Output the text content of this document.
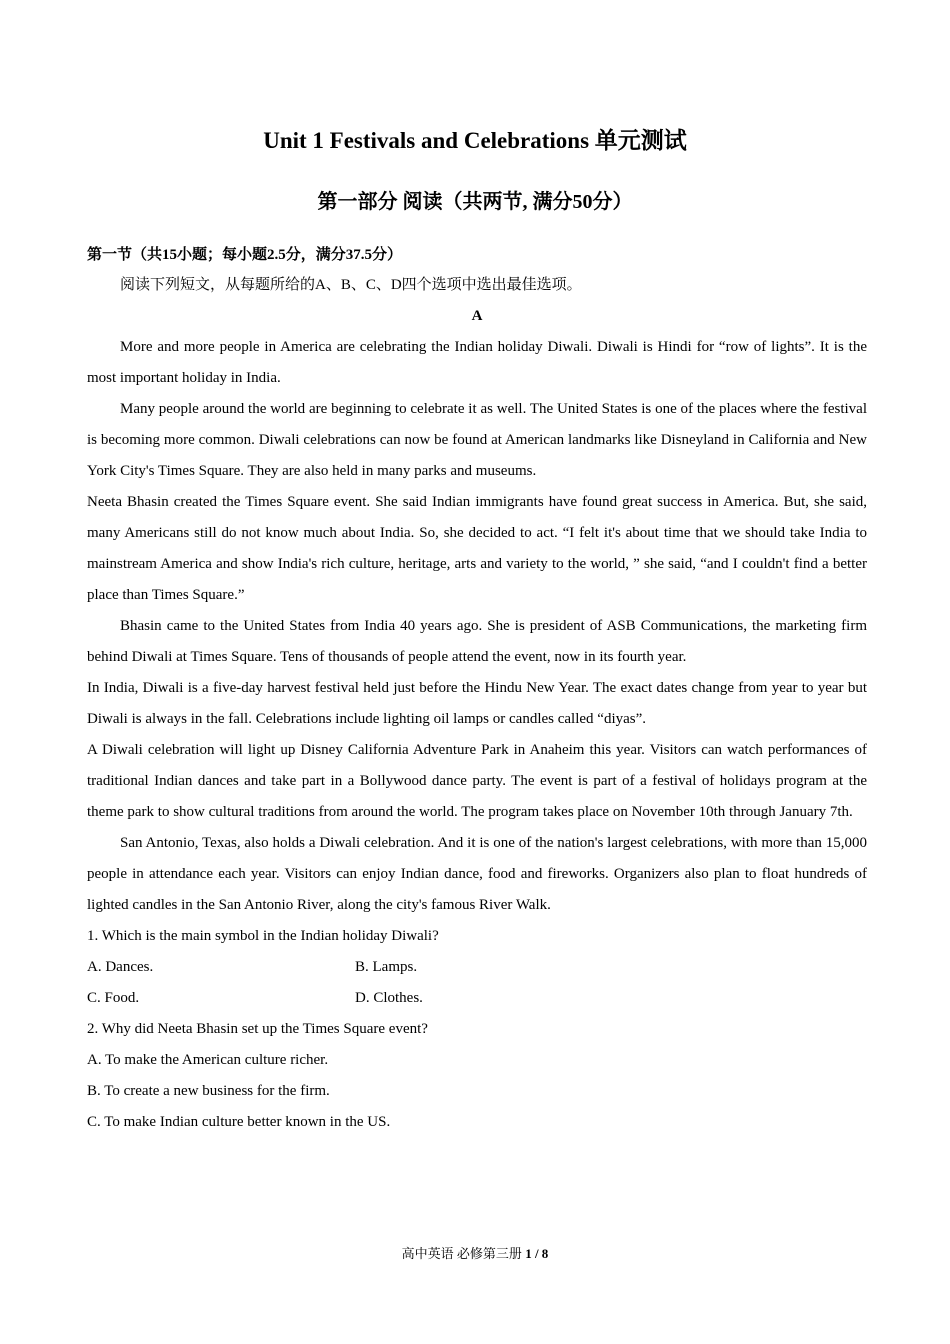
Unit 1 Festivals and Celebrations 单元测试
第一部分 阅读（共两节, 满分50分）
第一节（共15小题；每小题2.5分，满分37.5分）

阅读下列短文，从每题所给的A、B、C、D四个选项中选出最佳选项。

A

More and more people in America are celebrating the Indian holiday Diwali. Diwali is Hindi for “row of lights”. It is the most important holiday in India.

Many people around the world are beginning to celebrate it as well. The United States is one of the places where the festival is becoming more common. Diwali celebrations can now be found at American landmarks like Disneyland in California and New York City's Times Square. They are also held in many parks and museums.

Neeta Bhasin created the Times Square event. She said Indian immigrants have found great success in America. But, she said, many Americans still do not know much about India. So, she decided to act. “I felt it's about time that we should take India to mainstream America and show India's rich culture, heritage, arts and variety to the world, ” she said, “and I couldn't find a better place than Times Square.”

Bhasin came to the United States from India 40 years ago. She is president of ASB Communications, the marketing firm behind Diwali at Times Square. Tens of thousands of people attend the event, now in its fourth year.

In India, Diwali is a five‑day harvest festival held just before the Hindu New Year. The exact dates change from year to year but Diwali is always in the fall. Celebrations include lighting oil lamps or candles called “diyas”.

A Diwali celebration will light up Disney California Adventure Park in Anaheim this year. Visitors can watch performances of traditional Indian dances and take part in a Bollywood dance party. The event is part of a festival of holidays program at the theme park to show cultural traditions from around the world. The program takes place on November 10th through January 7th.

San Antonio, Texas, also holds a Diwali celebration. And it is one of the nation's largest celebrations, with more than 15,000 people in attendance each year. Visitors can enjoy Indian dance, food and fireworks. Organizers also plan to float hundreds of lighted candles in the San Antonio River, along the city's famous River Walk.

1. Which is the main symbol in the Indian holiday Diwali?

A. Dances.	B. Lamps.

C. Food.	D. Clothes.

2. Why did Neeta Bhasin set up the Times Square event?

A. To make the American culture richer.

B. To create a new business for the firm.

C. To make Indian culture better known in the US.

高中英语 必修第三册 1 / 8
